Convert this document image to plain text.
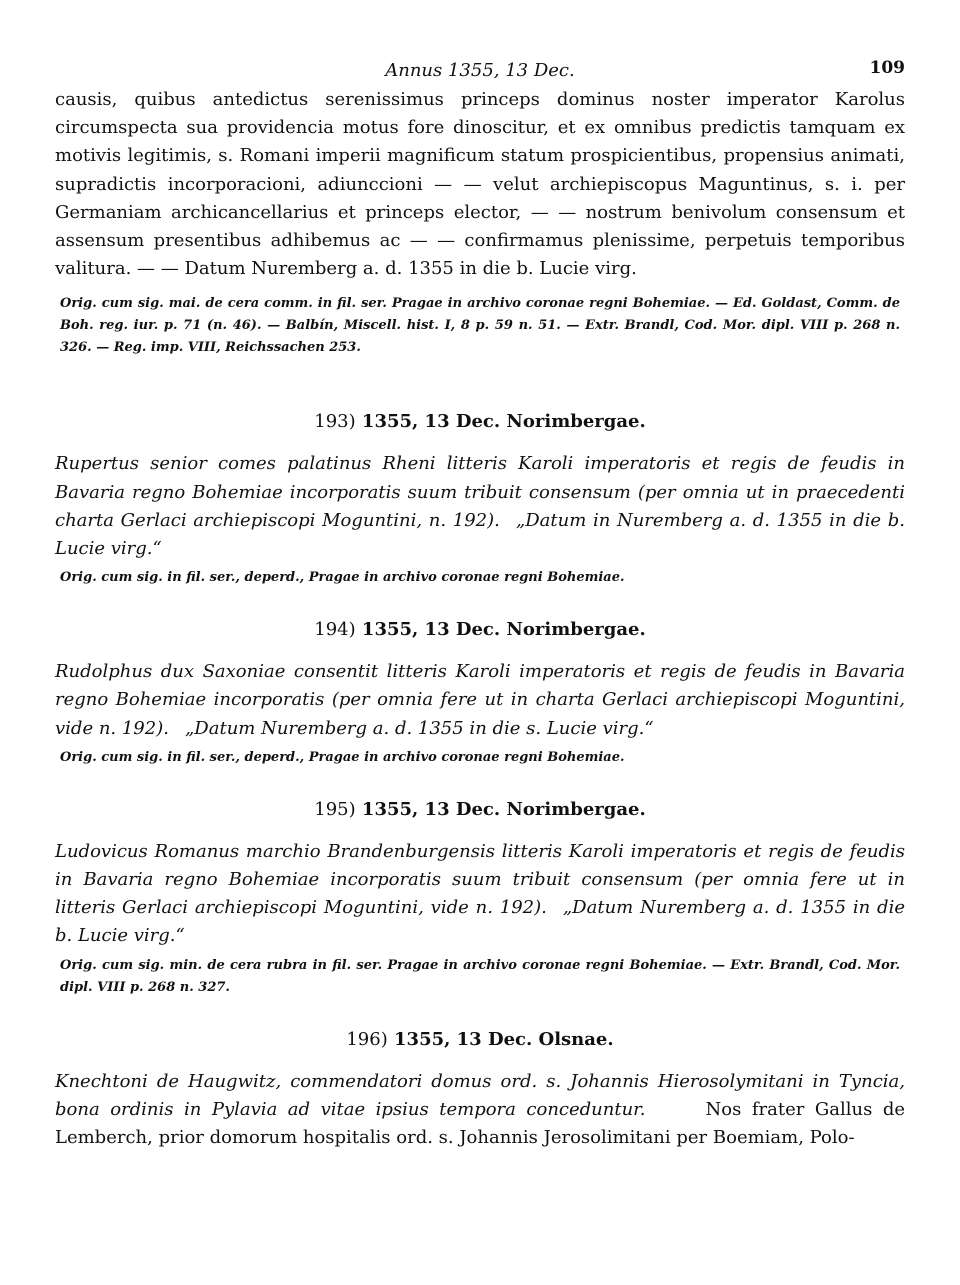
Annus 1355, 13 Dec.	109

causis, quibus antedictus serenissimus princeps dominus noster imperator Karolus circumspecta sua providencia motus fore dinoscitur, et ex omnibus predictis tamquam ex motivis legitimis, s. Romani imperii magnificum statum prospicientibus, propensius animati, supradictis incorporacioni, adiunccioni — — velut archiepiscopus Maguntinus, s. i. per Germaniam archicancellarius et princeps elector, — — nostrum benivolum consensum et assensum presentibus adhibemus ac — — confirmamus plenissime, perpetuis temporibus valitura. — — Datum Nuremberg a. d. 1355 in die b. Lucie virg.

Orig. cum sig. mai. de cera comm. in fil. ser. Pragae in archivo coronae regni Bohemiae. — Ed. Goldast, Comm. de Boh. reg. iur. p. 71 (n. 46). — Balbín, Miscell. hist. I, 8 p. 59 n. 51. — Extr. Brandl, Cod. Mor. dipl. VIII p. 268 n. 326. — Reg. imp. VIII, Reichssachen 253.

193) 1355, 13 Dec. Norimbergae.

Rupertus senior comes palatinus Rheni litteris Karoli imperatoris et regis de feudis in Bavaria regno Bohemiae incorporatis suum tribuit consensum (per omnia ut in praecedenti charta Gerlaci archiepiscopi Moguntini, n. 192). „Datum in Nuremberg a. d. 1355 in die b. Lucie virg.“

Orig. cum sig. in fil. ser., deperd., Pragae in archivo coronae regni Bohemiae.

194) 1355, 13 Dec. Norimbergae.

Rudolphus dux Saxoniae consentit litteris Karoli imperatoris et regis de feudis in Bavaria regno Bohemiae incorporatis (per omnia fere ut in charta Gerlaci archiepiscopi Moguntini, vide n. 192). „Datum Nuremberg a. d. 1355 in die s. Lucie virg.“

Orig. cum sig. in fil. ser., deperd., Pragae in archivo coronae regni Bohemiae.

195) 1355, 13 Dec. Norimbergae.

Ludovicus Romanus marchio Brandenburgensis litteris Karoli imperatoris et regis de feudis in Bavaria regno Bohemiae incorporatis suum tribuit consensum (per omnia fere ut in litteris Gerlaci archiepiscopi Moguntini, vide n. 192). „Datum Nuremberg a. d. 1355 in die b. Lucie virg.“

Orig. cum sig. min. de cera rubra in fil. ser. Pragae in archivo coronae regni Bohemiae. — Extr. Brandl, Cod. Mor. dipl. VIII p. 268 n. 327.

196) 1355, 13 Dec. Olsnae.

Knechtoni de Haugwitz, commendatori domus ord. s. Johannis Hierosolymitani in Tyncia, bona ordinis in Pylavia ad vitae ipsius tempora conceduntur.	Nos frater Gallus de Lemberch, prior domorum hospitalis ord. s. Johannis Jerosolimitani per Boemiam, Polo-
